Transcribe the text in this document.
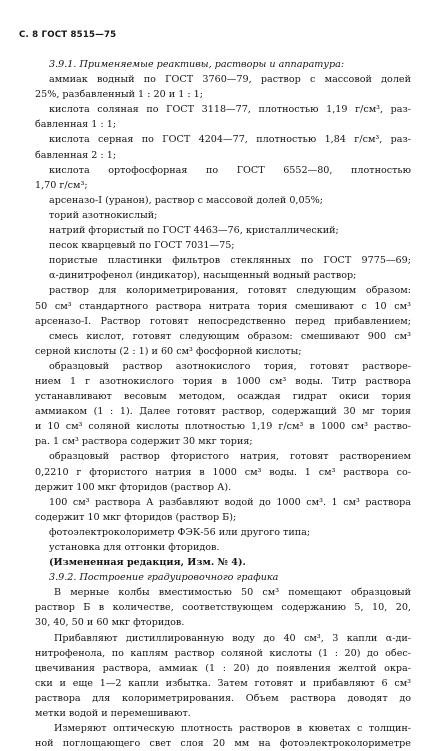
С. 8 ГОСТ 8515—75
3.9.1. Применяемые реактивы, растворы и аппаратура:
аммиак водный по ГОСТ 3760—79, раствор с массовой долей
25%, разбавленный 1 : 20 и 1 : 1;
кислота соляная по ГОСТ 3118—77, плотностью 1,19 г/см³, раз-
бавленная 1 : 1;
кислота серная по ГОСТ 4204—77, плотностью 1,84 г/см³, раз-
бавленная 2 : 1;
кислота ортофосфорная по ГОСТ 6552—80, плотностью
1,70 г/см³;
арсеназо-I (уранон), раствор с массовой долей 0,05%;
торий азотнокислый;
натрий фтористый по ГОСТ 4463—76, кристаллический;
песок кварцевый по ГОСТ 7031—75;
пористые пластинки фильтров стеклянных по ГОСТ 9775—69;
α-динитрофенол (индикатор), насыщенный водный раствор;
раствор для колориметрирования, готовят следующим образом:
50 см³ стандартного раствора нитрата тория смешивают с 10 см³
арсеназо-I. Раствор готовят непосредственно перед прибавлением;
смесь кислот, готовят следующим образом: смешивают 900 см³
серной кислоты (2 : 1) и 60 см³ фосфорной кислоты;
образцовый раствор азотнокислого тория, готовят растворе-
нием 1 г азотнокислого тория в 1000 см³ воды. Титр раствора
устанавливают весовым методом, осаждая гидрат окиси тория
аммиаком (1 : 1). Далее готовят раствор, содержащий 30 мг тория
и 10 см³ соляной кислоты плотностью 1,19 г/см³ в 1000 см³ раство-
ра. 1 см³ раствора содержит 30 мкг тория;
образцовый раствор фтористого натрия, готовят растворением
0,2210 г фтористого натрия в 1000 см³ воды. 1 см³ раствора со-
держит 100 мкг фторидов (раствор А).
100 см³ раствора А разбавляют водой до 1000 см³. 1 см³ раствора
содержит 10 мкг фторидов (раствор Б);
фотоэлектроколориметр ФЭК-56 или другого типа;
установка для отгонки фторидов.
(Измененная редакция, Изм. № 4).
3.9.2. Построение градуировочного графика
В мерные колбы вместимостью 50 см³ помещают образцовый
раствор Б в количестве, соответствующем содержанию 5, 10, 20,
30, 40, 50 и 60 мкг фторидов.
Прибавляют дистиллированную воду до 40 см³, 3 капли α-ди-
нитрофенола, по каплям раствор соляной кислоты (1 : 20) до обес-
цвечивания раствора, аммиак (1 : 20) до появления желтой окра-
ски и еще 1—2 капли избытка. Затем готовят и прибавляют 6 см³
раствора для колориметрирования. Объем раствора доводят до
метки водой и перемешивают.
Измеряют оптическую плотность растворов в кюветах с толщин-
ной поглощающего свет слоя 20 мм на фотоэлектроколориметре
